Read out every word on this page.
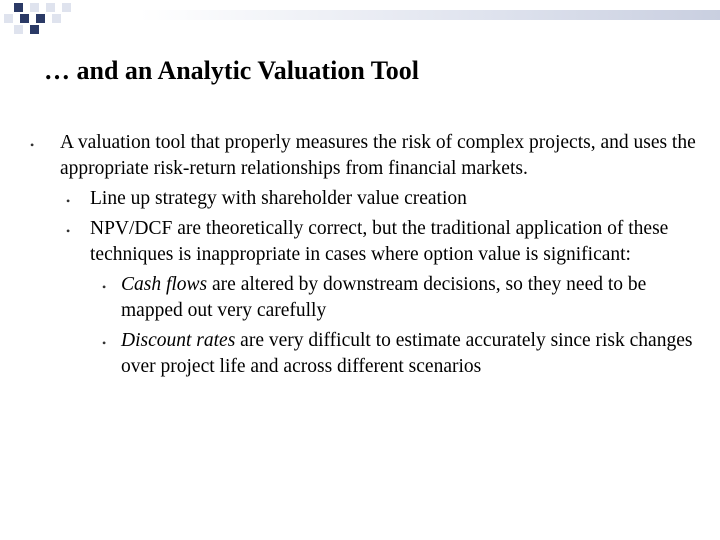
… and an Analytic Valuation Tool
• A valuation tool that properly measures the risk of complex projects, and uses the appropriate risk-return relationships from financial markets.
• Line up strategy with shareholder value creation
• NPV/DCF are theoretically correct, but the traditional application of these techniques is inappropriate in cases where option value is significant:
• Cash flows are altered by downstream decisions, so they need to be mapped out very carefully
• Discount rates are very difficult to estimate accurately since risk changes over project life and across different scenarios
